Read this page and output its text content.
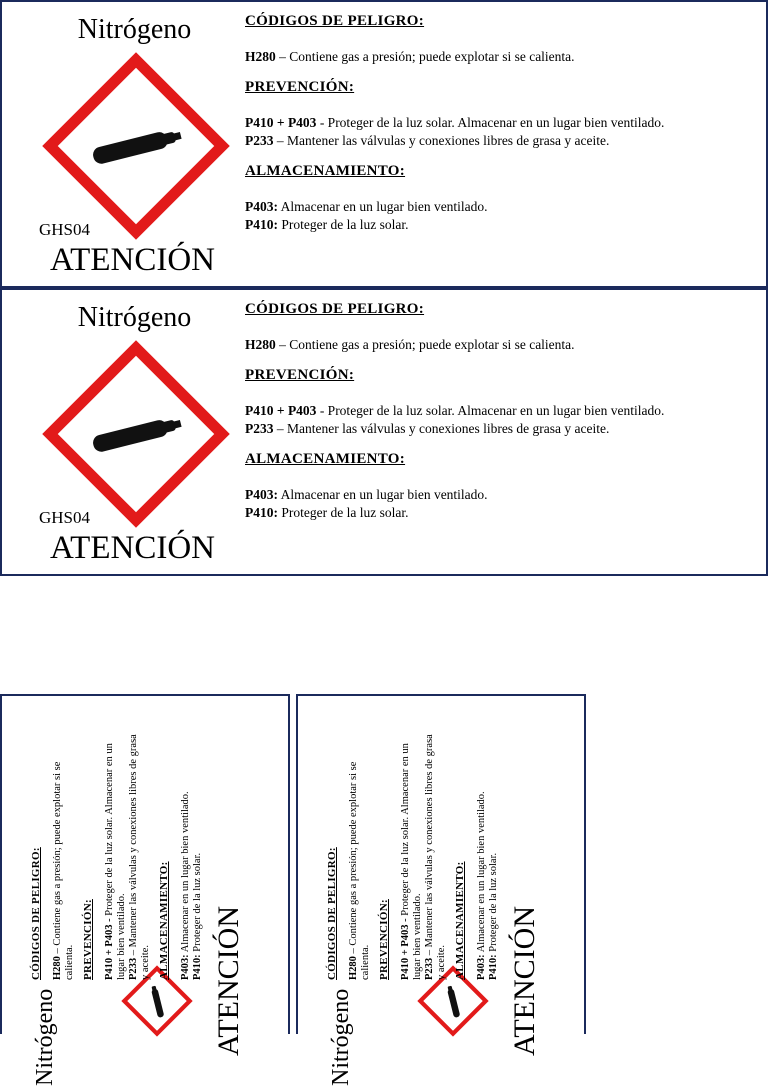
Nitrógeno
GHS04
ATENCIÓN
CÓDIGOS DE PELIGRO:

H280 – Contiene gas a presión; puede explotar si se calienta.

PREVENCIÓN:

P410 + P403 - Proteger de la luz solar. Almacenar en un lugar bien ventilado.

P233 – Mantener las válvulas y conexiones libres de grasa y aceite.

ALMACENAMIENTO:

P403: Almacenar en un lugar bien ventilado.

P410: Proteger de la luz solar.

Nitrógeno
GHS04
ATENCIÓN
CÓDIGOS DE PELIGRO:

H280 – Contiene gas a presión; puede explotar si se calienta.

PREVENCIÓN:

P410 + P403 - Proteger de la luz solar. Almacenar en un lugar bien ventilado.

P233 – Mantener las válvulas y conexiones libres de grasa y aceite.

ALMACENAMIENTO:

P403: Almacenar en un lugar bien ventilado.

P410: Proteger de la luz solar.

Nitrógeno	ATENCIÓN
CÓDIGOS DE PELIGRO: H280 – Contiene gas a presión; puede explotar si se calienta. PREVENCIÓN: P410 + P403 - Proteger de la luz solar. Almacenar en un lugar bien ventilado. P233 – Mantener las válvulas y conexiones libres de grasa y aceite. ALMACENAMIENTO: P403: Almacenar en un lugar bien ventilado.

P410: Proteger de la luz solar.

Nitrógeno	ATENCIÓN
CÓDIGOS DE PELIGRO: H280 – Contiene gas a presión; puede explotar si se calienta. PREVENCIÓN: P410 + P403 - Proteger de la luz solar. Almacenar en un lugar bien ventilado. P233 – Mantener las válvulas y conexiones libres de grasa y aceite. ALMACENAMIENTO: P403: Almacenar en un lugar bien ventilado.

P410: Proteger de la luz solar.
